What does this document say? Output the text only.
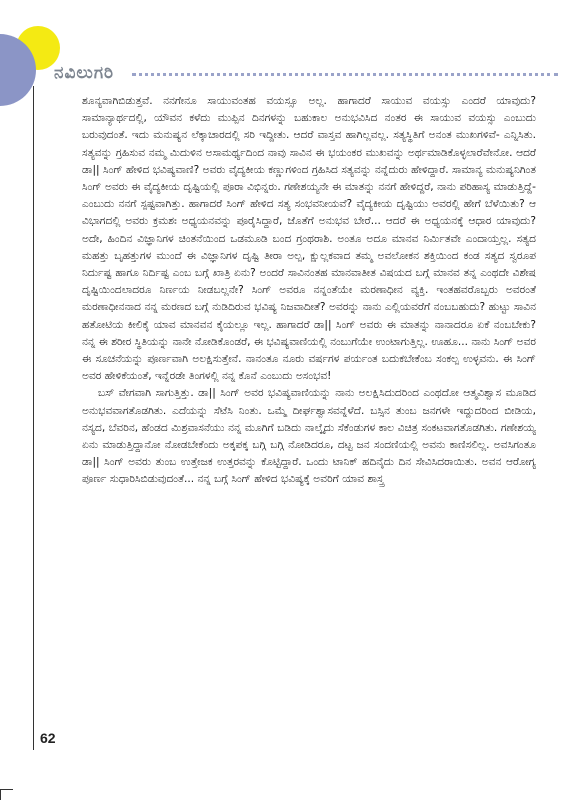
ನವಿಲುಗರಿ

ಶೂನ್ಯವಾಗಿಬಿಡುತ್ತವೆ. ನನಗೇನೂ ಸಾಯುವಂತಹ ವಯಸ್ಸೂ ಅಲ್ಲ. ಹಾಗಾದರೆ ಸಾಯುವ ವಯಸ್ಸು ಎಂದರೆ ಯಾವುದು? ಸಾಮಾನ್ಯಾರ್ಥದಲ್ಲಿ, ಯೌವನ ಕಳೆದು ಮುಪ್ಪಿನ ದಿನಗಳನ್ನು ಬಹುಕಾಲ ಅನುಭವಿಸಿದ ನಂತರ ಈ ಸಾಯುವ ವಯಸ್ಸು ಎಂಬುದು ಬರುವುದಂತೆ. ಇದು ಮನುಷ್ಯನ ಲೆಕ್ಕಾಚಾರದಲ್ಲಿ ಸರಿ ಇದ್ದೀತು. ಆದರೆ ವಾಸ್ತವ ಹಾಗಿಲ್ಲವಲ್ಲ. ಸತ್ಯಸ್ಥಿತಿಗೆ ಅನಂತ ಮುಖಗಳಿವೆ- ಎನ್ನಿಸಿತು. ಸತ್ಯವನ್ನು ಗ್ರಹಿಸುವ ನಮ್ಮ ಮಿದುಳಿನ ಅಸಾಮರ್ಥ್ಯದಿಂದ ನಾವು ಸಾವಿನ ಈ ಭಯಂಕರ ಮುಖವನ್ನು ಅರ್ಥಮಾಡಿಕೊಳ್ಳಲಾರೆವೇನೋ. ಆದರೆ ಡಾ|| ಸಿಂಗ್ ಹೇಳಿದ ಭವಿಷ್ಯವಾಣಿ? ಅವರು ವೈದ್ಯಕೀಯ ಕಣ್ಣುಗಳಿಂದ ಗ್ರಹಿಸಿದ ಸತ್ಯವನ್ನು ನನ್ನೆದುರು ಹೇಳಿದ್ದಾರೆ. ಸಾಮಾನ್ಯ ಮನುಷ್ಯನಿಗಿಂತ ಸಿಂಗ್ ಅವರು ಈ ವೈದ್ಯಕೀಯ ದೃಷ್ಟಿಯಲ್ಲಿ ಪೂರಾ ವಿಭಿನ್ನರು. ಗಣೇಶಯ್ಯನೇ ಈ ಮಾತನ್ನು ನನಗೆ ಹೇಳಿದ್ದರೆ, ನಾನು ಪರಿಹಾಸ್ಯ ಮಾಡುತ್ತಿದ್ದೆ-ಎಂಬುದು ನನಗೆ ಸ್ಪಷ್ಟವಾಗಿತ್ತು. ಹಾಗಾದರೆ ಸಿಂಗ್ ಹೇಳಿದ ಸತ್ಯ ಸಂಭವನೀಯವೆ? ವೈದ್ಯಕೀಯ ದೃಷ್ಟಿಯು ಅವರಲ್ಲಿ ಹೇಗೆ ಬೆಳೆಯಿತು? ಆ ವಿಭಾಗದಲ್ಲಿ ಅವರು ಕ್ರಮಶಃ ಅಧ್ಯಯನವನ್ನು ಪೂರೈಸಿದ್ದಾರೆ, ಜೊತೆಗೆ ಅನುಭವ ಬೇರೆ... ಆದರೆ ಈ ಅಧ್ಯಯನಕ್ಕೆ ಆಧಾರ ಯಾವುದು? ಅದೇ, ಹಿಂದಿನ ವಿಜ್ಞಾನಿಗಳ ಚಿಂತನೆಯಿಂದ ಒಡಮೂಡಿ ಬಂದ ಗ್ರಂಥರಾಶಿ. ಅಂತೂ ಅದೂ ಮಾನವ ನಿರ್ಮಿತವೇ ಎಂದಾಯ್ತಲ್ಲ. ಸತ್ಯದ ಮಹತ್ತು ಬೃಹತ್ತುಗಳ ಮುಂದೆ ಈ ವಿಜ್ಞಾನಿಗಳ ದೃಷ್ಟಿ ತೀರಾ ಅಲ್ಪ, ಕ್ಷುಲ್ಲಕವಾದ ತಮ್ಮ ಅವಲೋಕನ ಶಕ್ತಿಯಿಂದ ಕಂಡ ಸತ್ಯದ ಸ್ವರೂಪ ನಿರ್ದುಷ್ಟ ಹಾಗೂ ನಿರ್ದಿಷ್ಟ ಎಂಬ ಬಗ್ಗೆ ಖಾತ್ರಿ ಏನು? ಅಂದರೆ ಸಾವಿನಂತಹ ಮಾನವಾತೀತ ವಿಷಯದ ಬಗ್ಗೆ ಮಾನವ ತನ್ನ ಎಂಥದೇ ವಿಶೇಷ ದೃಷ್ಟಿಯಿಂದಲಾದರೂ ನಿರ್ಣಯ ನೀಡಬಲ್ಲನೇ? ಸಿಂಗ್ ಅವರೂ ನನ್ನಂತೆಯೇ ಮರಣಾಧೀನ ವ್ಯಕ್ತಿ. ಇಂತಹವರೊಬ್ಬರು ಅವರಂತೆ ಮರಣಾಧೀನನಾದ ನನ್ನ ಮರಣದ ಬಗ್ಗೆ ನುಡಿದಿರುವ ಭವಿಷ್ಯ ನಿಜವಾದೀತೆ? ಅವರನ್ನು ನಾನು ಎಲ್ಲಿಯವರೆಗೆ ನಂಬಬಹುದು? ಹುಟ್ಟು ಸಾವಿನ ಹತೋಟಿಯ ಕೀಲಿಕೈ ಯಾವ ಮಾನವನ ಕೈಯಲ್ಲೂ ಇಲ್ಲ. ಹಾಗಾದರೆ ಡಾ|| ಸಿಂಗ್ ಅವರು ಈ ಮಾತನ್ನು ನಾನಾದರೂ ಏಕೆ ನಂಬಬೇಕು? ನನ್ನ ಈ ಶರೀರ ಸ್ಥಿತಿಯನ್ನು ನಾನೇ ನೋಡಿಕೊಂಡರೆ, ಈ ಭವಿಷ್ಯವಾಣಿಯಲ್ಲಿ ನಂಬುಗೆಯೇ ಉಂಟಾಗುತ್ತಿಲ್ಲ. ಊಹೂ... ನಾನು ಸಿಂಗ್ ಅವರ ಈ ಸೂಚನೆಯನ್ನು ಪೂರ್ಣವಾಗಿ ಅಲಕ್ಷಿಸುತ್ತೇನೆ. ನಾನಂತೂ ನೂರು ವರ್ಷಗಳ ಪರ್ಯಂತ ಬದುಕಬೇಕೆಂಬ ಸಂಕಲ್ಪ ಉಳ್ಳವನು. ಈ ಸಿಂಗ್ ಅವರ ಹೇಳಿಕೆಯಂತೆ, ಇನ್ನೆರಡೇ ತಿಂಗಳಲ್ಲಿ ನನ್ನ ಕೊನೆ ಎಂಬುದು ಅಸಂಭವ!

ಬಸ್ ವೇಗವಾಗಿ ಸಾಗುತ್ತಿತ್ತು. ಡಾ|| ಸಿಂಗ್ ಅವರ ಭವಿಷ್ಯವಾಣಿಯನ್ನು ನಾನು ಅಲಕ್ಷಿಸಿದುದರಿಂದ ಎಂಥದೋ ಆತ್ಮವಿಶ್ವಾಸ ಮೂಡಿದ ಅನುಭವವಾಗತೊಡಗಿತು. ಎದೆಯನ್ನು ಸೆಟೆಸಿ ನಿಂತು. ಒಮ್ಮೆ ದೀರ್ಘಶ್ವಾಸವನ್ನೆಳೆದೆ. ಬಸ್ಸಿನ ತುಂಬ ಜನಗಳೇ ಇದ್ದುದರಿಂದ ಬೀಡಿಯ, ನಸ್ಯದ, ಬೆವರಿನ, ಹೆಂಡದ ಮಿಶ್ರವಾಸನೆಯು ನನ್ನ ಮೂಗಿಗೆ ಬಡಿದು ನಾಲ್ಕೈದು ಸೆಕೆಂಡುಗಳ ಕಾಲ ವಿಚಿತ್ರ ಸಂಕಟವಾಗತೊಡಗಿತು. ಗಣೇಶಯ್ಯ ಏನು ಮಾಡುತ್ತಿದ್ದಾನೋ ನೋಡಬೇಕೆಂದು ಅಕ್ಕಪಕ್ಕ ಬಗ್ಗಿ ಬಗ್ಗಿ ನೋಡಿದರೂ, ದಟ್ಟ ಜನ ಸಂದಣಿಯಲ್ಲಿ ಅವನು ಕಾಣಿಸಲಿಲ್ಲ. ಅವಸಿಗಂತೂ ಡಾ|| ಸಿಂಗ್ ಅವರು ತುಂಬ ಉತ್ತೇಜಕ ಉತ್ತರವನ್ನು ಕೊಟ್ಟಿದ್ದಾರೆ. ಒಂದು ಟಾನಿಕ್ ಹದಿನೈದು ದಿನ ಸೇವಿಸಿದರಾಯಿತು. ಅವನ ಆರೋಗ್ಯ ಪೂರ್ಣ ಸುಧಾರಿಸಿಬಿಡುವುದಂತೆ... ನನ್ನ ಬಗ್ಗೆ ಸಿಂಗ್ ಹೇಳಿದ ಭವಿಷ್ಯಕ್ಕೆ ಅವರಿಗೆ ಯಾವ ಶಾಸ್ತ್ರ

62
